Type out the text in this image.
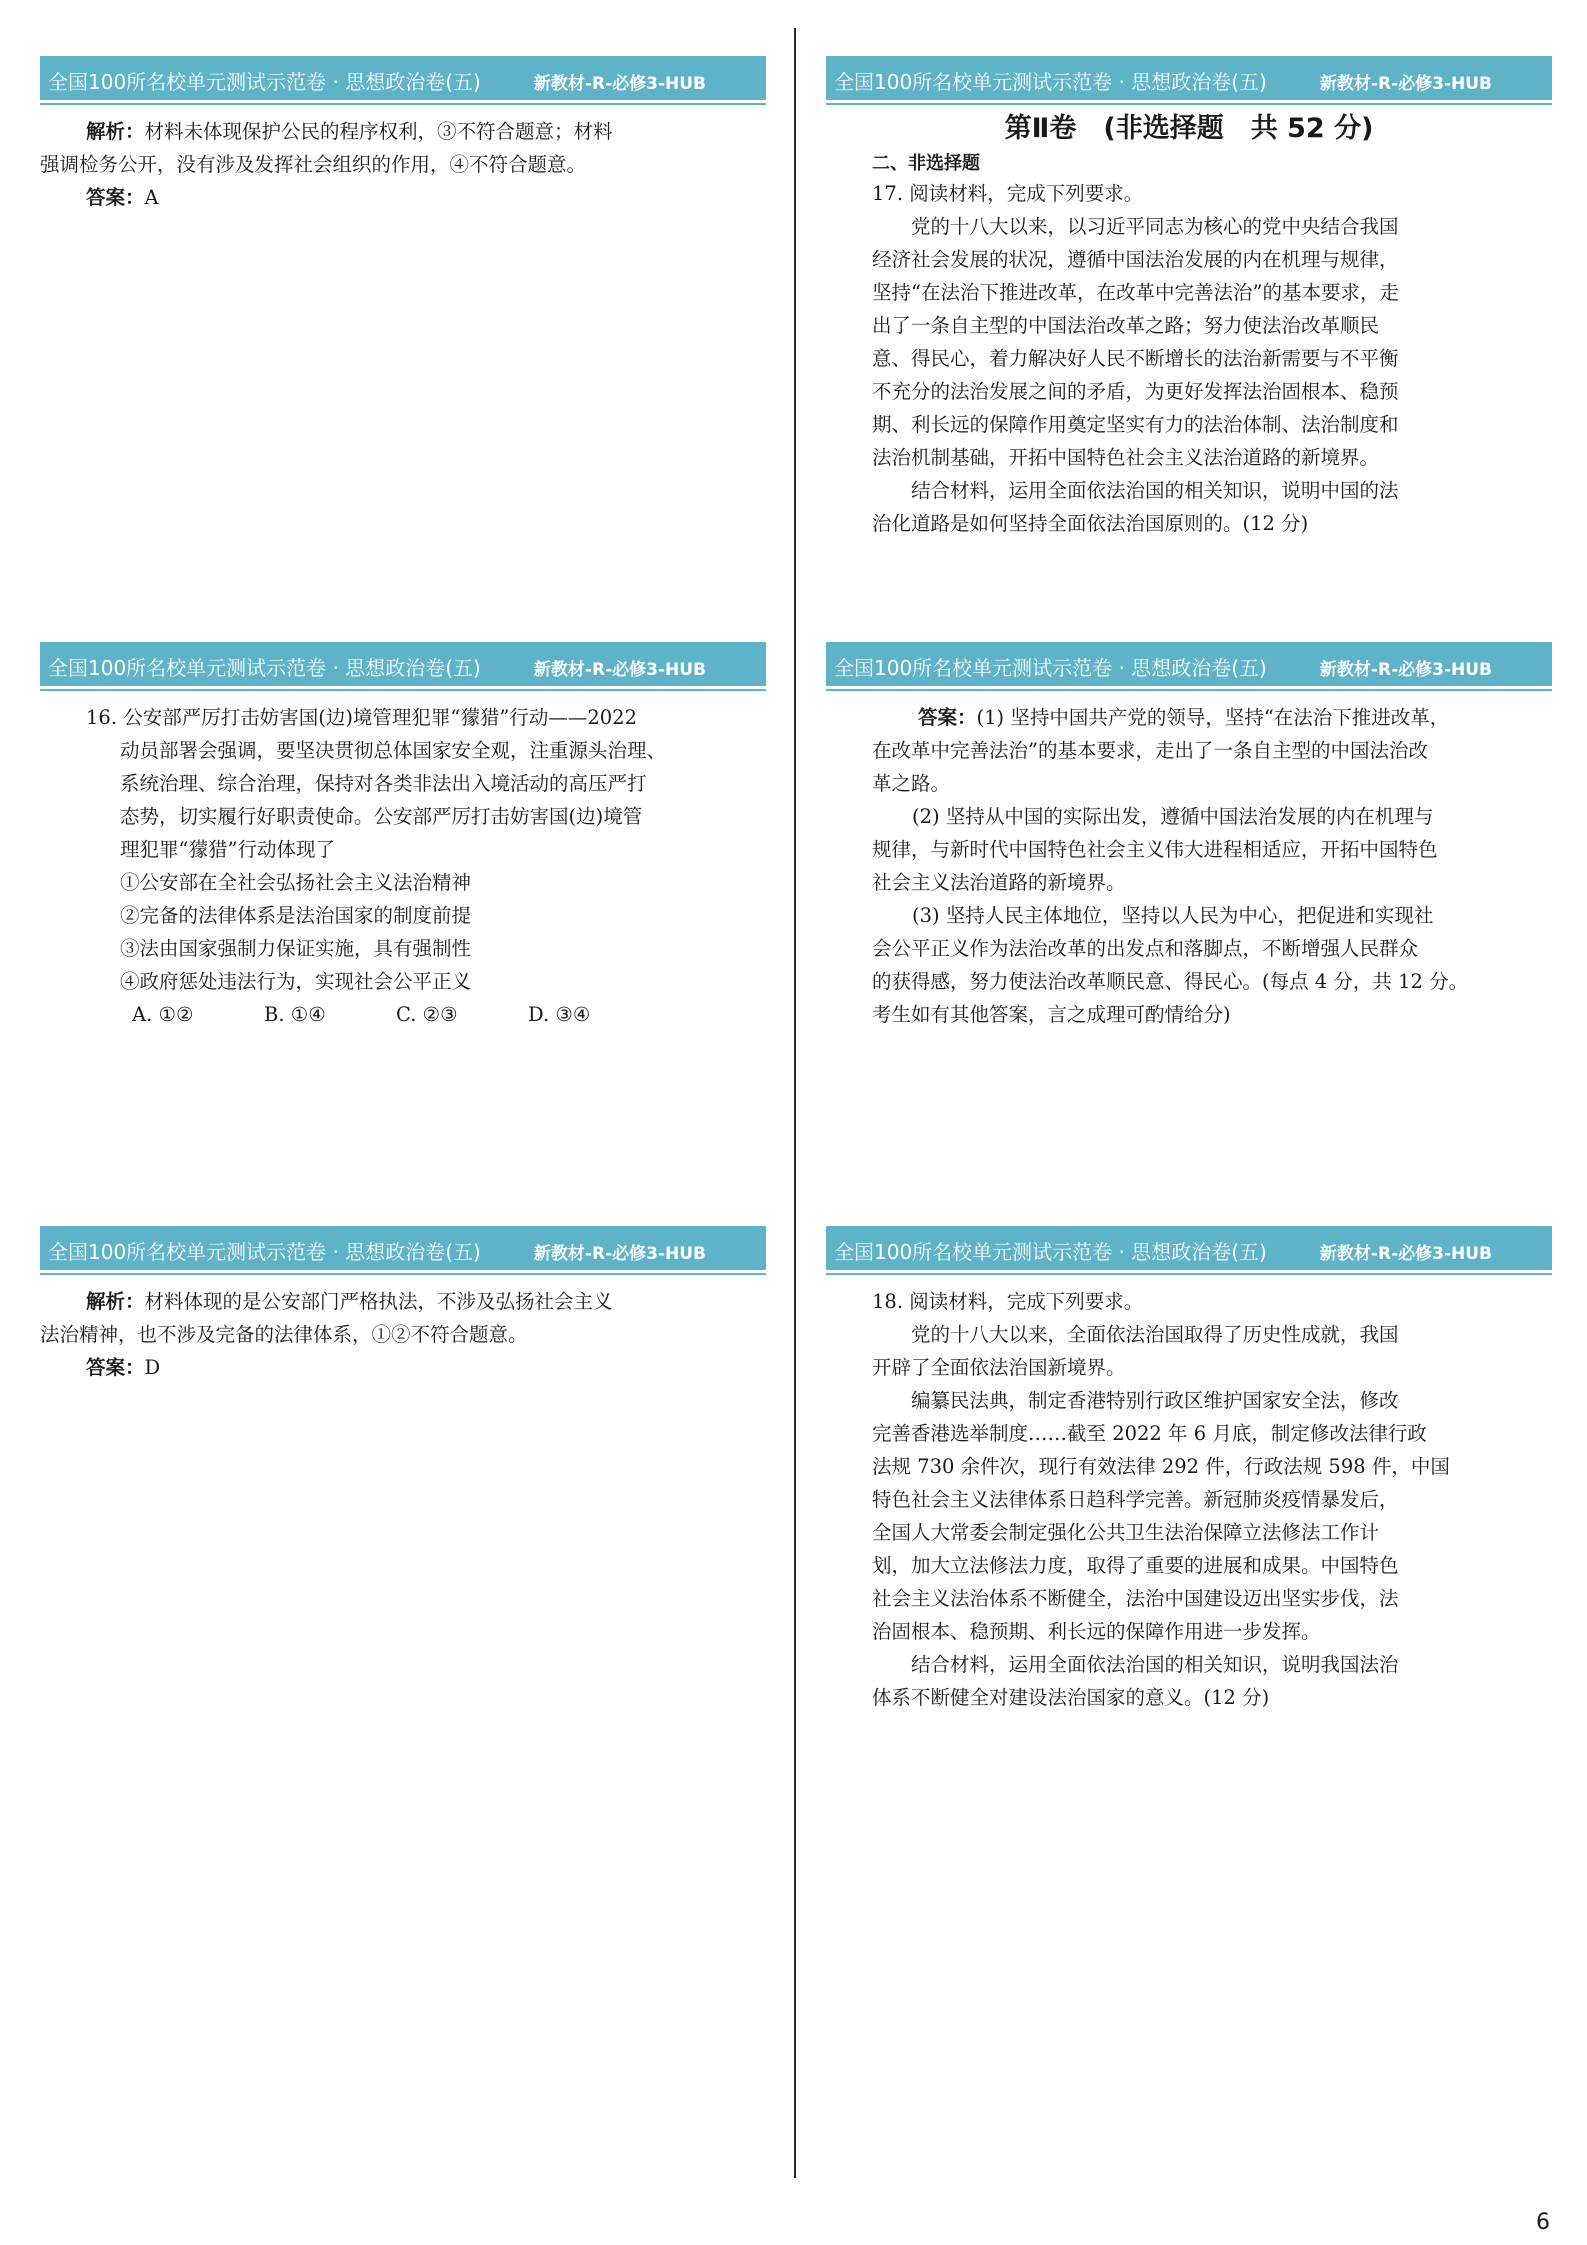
全国100所名校单元测试示范卷 · 思想政治卷(五)	新教材-R-必修3-HUB

解析：材料未体现保护公民的程序权利，③不符合题意；材料

强调检务公开，没有涉及发挥社会组织的作用，④不符合题意。

答案：A

全国100所名校单元测试示范卷 · 思想政治卷(五)	新教材-R-必修3-HUB

第Ⅱ卷　(非选择题　共 52 分)

二、非选择题

17. 阅读材料，完成下列要求。

党的十八大以来，以习近平同志为核心的党中央结合我国

经济社会发展的状况，遵循中国法治发展的内在机理与规律，

坚持“在法治下推进改革，在改革中完善法治”的基本要求，走

出了一条自主型的中国法治改革之路；努力使法治改革顺民

意、得民心，着力解决好人民不断增长的法治新需要与不平衡

不充分的法治发展之间的矛盾，为更好发挥法治固根本、稳预

期、利长远的保障作用奠定坚实有力的法治体制、法治制度和

法治机制基础，开拓中国特色社会主义法治道路的新境界。

结合材料，运用全面依法治国的相关知识，说明中国的法

治化道路是如何坚持全面依法治国原则的。(12 分)

全国100所名校单元测试示范卷 · 思想政治卷(五)	新教材-R-必修3-HUB

16. 公安部严厉打击妨害国(边)境管理犯罪“獴猎”行动——2022

动员部署会强调，要坚决贯彻总体国家安全观，注重源头治理、

系统治理、综合治理，保持对各类非法出入境活动的高压严打

态势，切实履行好职责使命。公安部严厉打击妨害国(边)境管

理犯罪“獴猎”行动体现了

①公安部在全社会弘扬社会主义法治精神

②完备的法律体系是法治国家的制度前提

③法由国家强制力保证实施，具有强制性

④政府惩处违法行为，实现社会公平正义

A. ①②	B. ①④	C. ②③	D. ③④
全国100所名校单元测试示范卷 · 思想政治卷(五)	新教材-R-必修3-HUB

答案：(1) 坚持中国共产党的领导，坚持“在法治下推进改革，

在改革中完善法治”的基本要求，走出了一条自主型的中国法治改

革之路。

(2) 坚持从中国的实际出发，遵循中国法治发展的内在机理与

规律，与新时代中国特色社会主义伟大进程相适应，开拓中国特色

社会主义法治道路的新境界。

(3) 坚持人民主体地位，坚持以人民为中心，把促进和实现社

会公平正义作为法治改革的出发点和落脚点，不断增强人民群众

的获得感，努力使法治改革顺民意、得民心。(每点 4 分，共 12 分。

考生如有其他答案，言之成理可酌情给分)

全国100所名校单元测试示范卷 · 思想政治卷(五)	新教材-R-必修3-HUB

解析：材料体现的是公安部门严格执法，不涉及弘扬社会主义

法治精神，也不涉及完备的法律体系，①②不符合题意。

答案：D

全国100所名校单元测试示范卷 · 思想政治卷(五)	新教材-R-必修3-HUB

18. 阅读材料，完成下列要求。

党的十八大以来，全面依法治国取得了历史性成就，我国

开辟了全面依法治国新境界。

编纂民法典，制定香港特别行政区维护国家安全法，修改

完善香港选举制度……截至 2022 年 6 月底，制定修改法律行政

法规 730 余件次，现行有效法律 292 件，行政法规 598 件，中国

特色社会主义法律体系日趋科学完善。新冠肺炎疫情暴发后，

全国人大常委会制定强化公共卫生法治保障立法修法工作计

划，加大立法修法力度，取得了重要的进展和成果。中国特色

社会主义法治体系不断健全，法治中国建设迈出坚实步伐，法

治固根本、稳预期、利长远的保障作用进一步发挥。

结合材料，运用全面依法治国的相关知识，说明我国法治

体系不断健全对建设法治国家的意义。(12 分)

6
